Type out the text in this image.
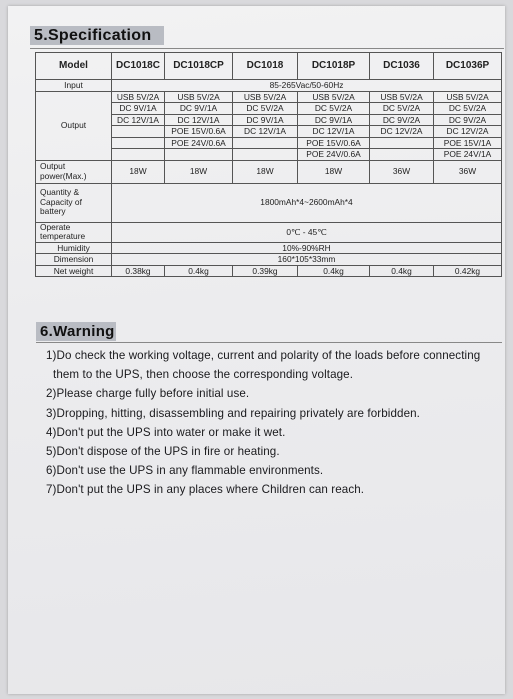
5.Specification
Model	DC1018C	DC1018CP	DC1018	DC1018P	DC1036	DC1036P
Input	85-265Vac/50-60Hz					
Output	USB 5V/2A	USB 5V/2A	USB 5V/2A	USB 5V/2A	USB 5V/2A	USB 5V/2A
	DC 9V/1A	DC 9V/1A	DC 5V/2A	DC 5V/2A	DC 5V/2A	DC 5V/2A
	DC 12V/1A	DC 12V/1A	DC 9V/1A	DC 9V/1A	DC 9V/2A	DC 9V/2A
		POE 15V/0.6A	DC 12V/1A	DC 12V/1A	DC 12V/2A	DC 12V/2A
		POE 24V/0.6A		POE 15V/0.6A		POE 15V/1A
				POE 24V/0.6A		POE 24V/1A
Output
power(Max.)	18W	18W	18W	18W	36W	36W
Quantity &
Capacity of
battery	1800mAh*4~2600mAh*4					
Operate
temperature	0℃ - 45℃					
Humidity	10%-90%RH					
Dimension	160*105*33mm					
Net weight	0.38kg	0.4kg	0.39kg	0.4kg	0.4kg	0.42kg
6.Warning

1)Do check the working voltage, current and polarity of the loads before connecting

them to the UPS, then choose the corresponding voltage.

2)Please charge fully before initial use.

3)Dropping, hitting, disassembling and repairing privately are forbidden.

4)Don't put the UPS into water or make it wet.

5)Don't dispose of the UPS in fire or heating.

6)Don't use the UPS in any flammable environments.

7)Don't put the UPS in any places where Children can reach.
